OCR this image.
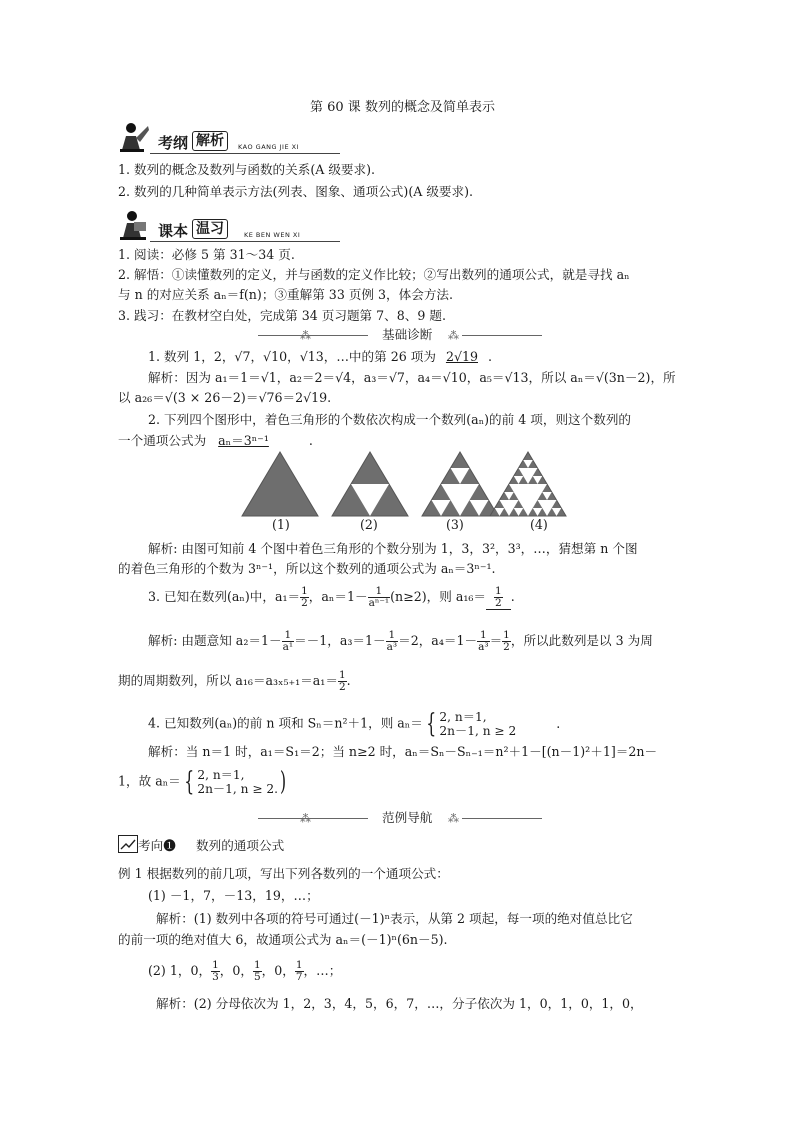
第 60 课 数列的概念及简单表示
考纲 解析	KAO GANG JIE XI
1. 数列的概念及数列与函数的关系(A 级要求).
2. 数列的几种简单表示方法(列表、图象、通项公式)(A 级要求).
课本 温习	KE BEN WEN XI
1. 阅读：必修 5 第 31～34 页.
2. 解悟：①读懂数列的定义，并与函数的定义作比较；②写出数列的通项公式，就是寻找 aₙ
与 n 的对应关系 aₙ＝f(n)；③重解第 33 页例 3，体会方法.
3. 践习：在教材空白处，完成第 34 页习题第 7、8、9 题.
⁂	基础诊断 ⁂
1. 数列 1，2，√7，√10，√13，…中的第 26 项为 2√19 .
解析：因为 a₁＝1＝√1，a₂＝2＝√4，a₃＝√7，a₄＝√10，a₅＝√13，所以 aₙ＝√(3n－2)，所
以 a₂₆＝√(3 × 26－2)＝√76＝2√19.
2. 下列四个图形中，着色三角形的个数依次构成一个数列(aₙ)的前 4 项，则这个数列的
一个通项公式为 aₙ＝3ⁿ⁻¹	.
(1)	(2)	(3)	(4)
解析: 由图可知前 4 个图中着色三角形的个数分别为 1，3，3²，3³，…，猜想第 n 个图
的着色三角形的个数为 3ⁿ⁻¹，所以这个数列的通项公式为 aₙ＝3ⁿ⁻¹.
3. 已知在数列(aₙ)中，$a_1= \frac{1}{2}$ ，$a_n=1- \frac{1}{\text{aⁿ⁻¹}} (n\ge 2)$，则 $a_{16}= \frac{1}{2}$ .
解析: 由题意知 $a_2=1- \frac{1}{\text{a¹}} =-1$，$a_3=1- \frac{1}{\text{a³}} =2$，$a_4=1- \frac{1}{\text{a³}} = \frac{1}{2}$ ，所以此数列是以 3 为周
期的周期数列，所以 $a_{16}=a_{3x5+1}=a_1= \frac{1}{2}$ .
4. 已知数列(aₙ)的前 n 项和 Sₙ＝n²＋1，则 aₙ＝ { 2, n＝1,
2n－1, n ≥ 2
.
解析：当 n＝1 时，a₁＝S₁＝2；当 n≥2 时，aₙ＝Sₙ－Sₙ₋₁＝n²＋1－[(n－1)²＋1]＝2n－
1，故 aₙ＝ { 2, n＝1,
2n－1, n ≥ 2. )
⁂	范例导航 ⁂
考向❶ 数列的通项公式
例 1 根据数列的前几项，写出下列各数列的一个通项公式：
(1) －1，7，－13，19，…；
解析：(1) 数列中各项的符号可通过(－1)ⁿ表示，从第 2 项起，每一项的绝对值总比它
的前一项的绝对值大 6，故通项公式为 aₙ＝(－1)ⁿ(6n－5).
(2) 1，0， $\frac{1}{3}$ ，0， $\frac{1}{5}$ ，0， $\frac{1}{7}$ ，…；
解析：(2) 分母依次为 1，2，3，4，5，6，7，…，分子依次为 1，0，1，0，1，0，
